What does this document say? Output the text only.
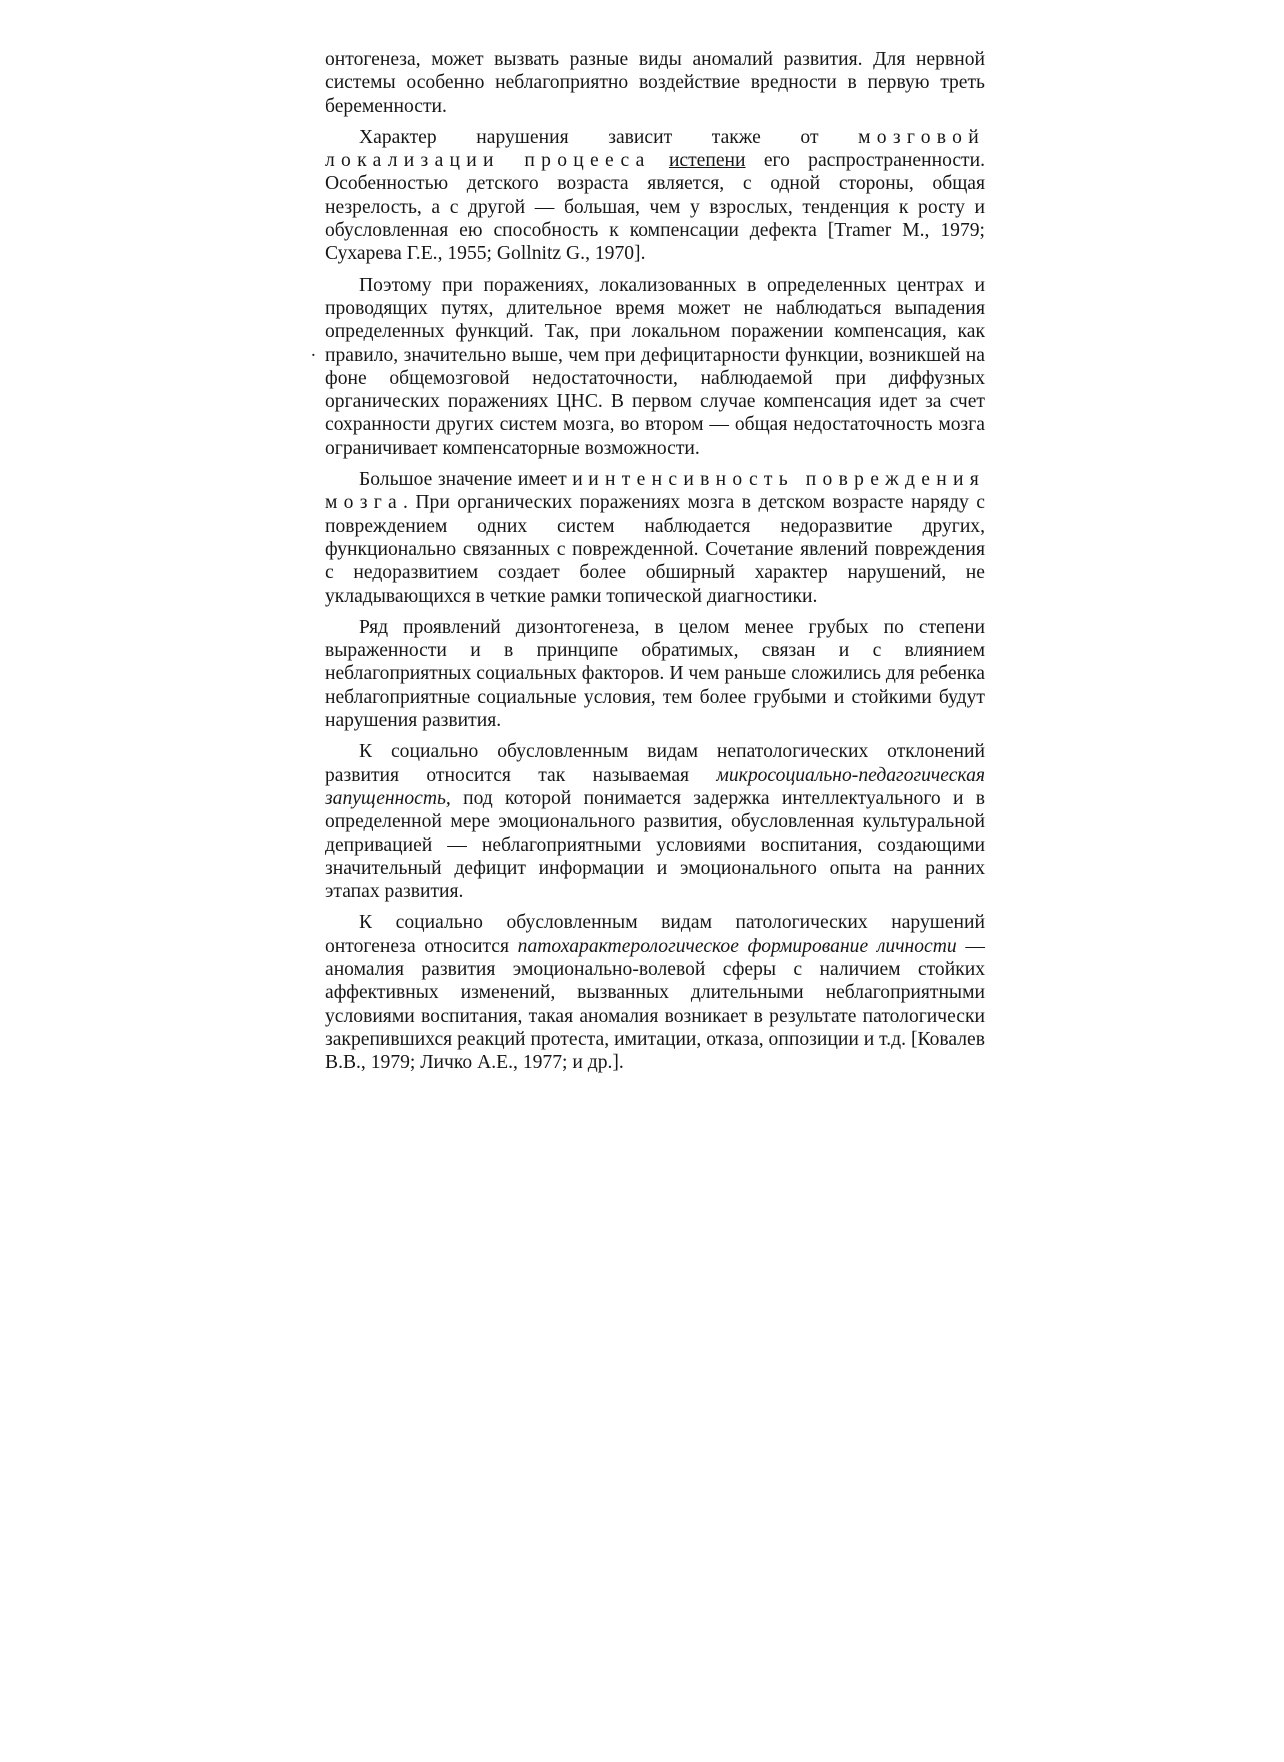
.

онтогенеза, может вызвать разные виды аномалий развития. Для нервной системы особенно неблагоприятно воздействие вредности в первую треть беременности.

Характер нарушения зависит также от мозговой локализации процееса истепени его распространенности. Особенностью детского возраста является, с одной стороны, общая незрелость, а с другой — большая, чем у взрослых, тенденция к росту и обусловленная ею способность к компенсации дефекта [Tramer M., 1979; Сухарева Г.Е., 1955; Gollnitz G., 1970].

Поэтому при поражениях, локализованных в определенных центрах и проводящих путях, длительное время может не наблюдаться выпадения определенных функций. Так, при локальном поражении компенсация, как правило, значительно выше, чем при дефицитарности функции, возникшей на фоне общемозговой недостаточности, наблюдаемой при диффузных органических поражениях ЦНС. В первом случае компенсация идет за счет сохранности других систем мозга, во втором — общая недостаточность мозга ограничивает компенсаторные возможности.

Большое значение имеет и интенсивность повреждения мозга. При органических поражениях мозга в детском возрасте наряду с повреждением одних систем наблюдается недоразвитие других, функционально связанных с поврежденной. Сочетание явлений повреждения с недоразвитием создает более обширный характер нарушений, не укладывающихся в четкие рамки топической диагностики.

Ряд проявлений дизонтогенеза, в целом менее грубых по степени выраженности и в принципе обратимых, связан и с влиянием неблагоприятных социальных факторов. И чем раньше сложились для ребенка неблагоприятные социальные условия, тем более грубыми и стойкими будут нарушения развития.

К социально обусловленным видам непатологических отклонений развития относится так называемая микросоциально-педагогическая запущенность, под которой понимается задержка интеллектуального и в определенной мере эмоционального развития, обусловленная культуральной депривацией — неблагоприятными условиями воспитания, создающими значительный дефицит информации и эмоционального опыта на ранних этапах развития.

К социально обусловленным видам патологических нарушений онтогенеза относится патохарактерологическое формирование личности — аномалия развития эмоционально-волевой сферы с наличием стойких аффективных изменений, вызванных длительными неблагоприятными условиями воспитания, такая аномалия возникает в результате патологически закрепившихся реакций протеста, имитации, отказа, оппозиции и т.д. [Ковалев В.В., 1979; Личко А.Е., 1977; и др.].
